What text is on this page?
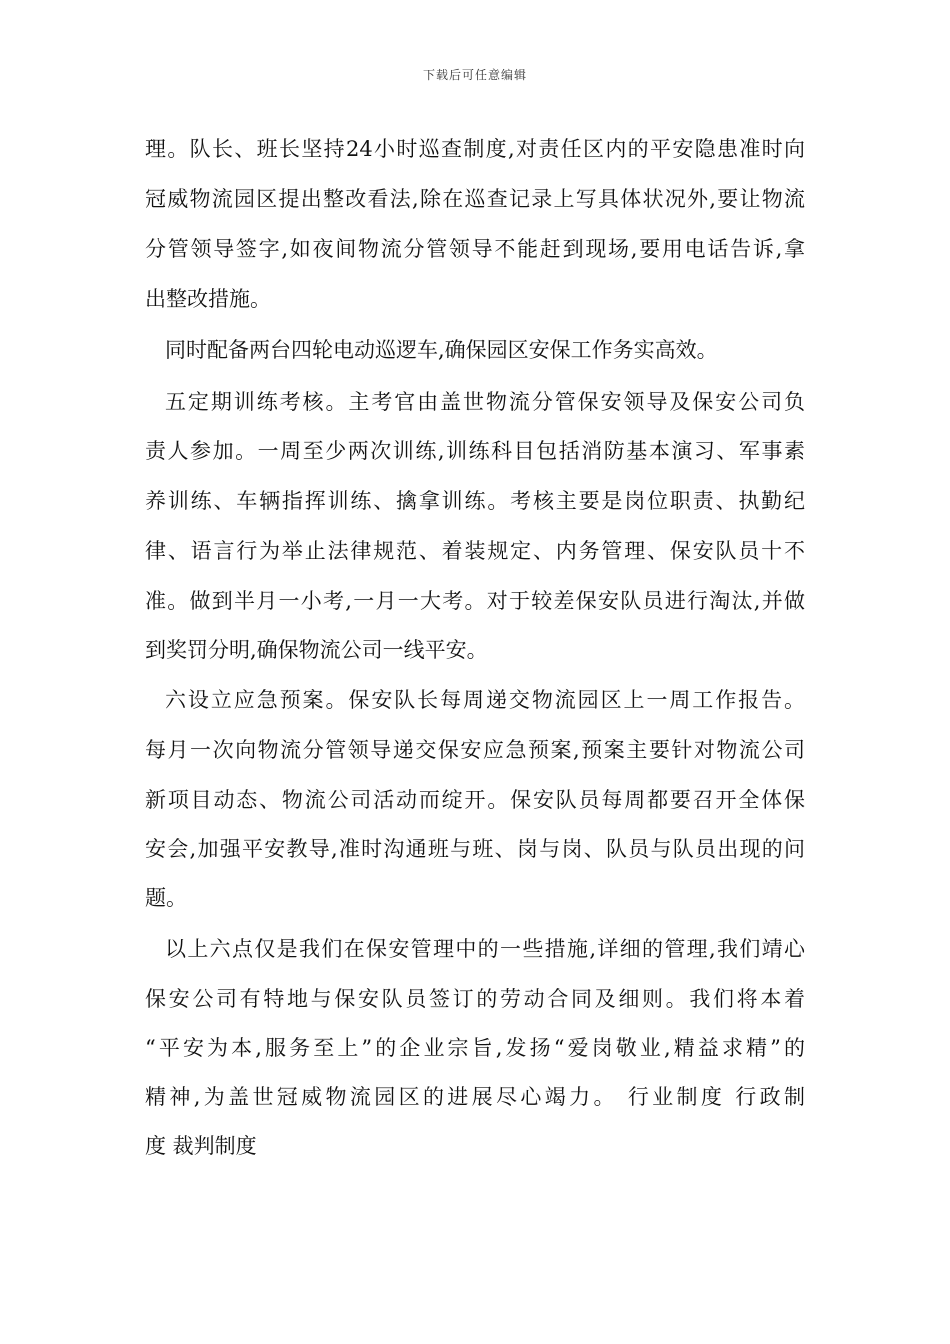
下载后可任意编辑
理。队长、班长坚持24小时巡查制度,对责任区内的平安隐患准时向
冠威物流园区提出整改看法,除在巡查记录上写具体状况外,要让物流
分管领导签字,如夜间物流分管领导不能赶到现场,要用电话告诉,拿
出整改措施。
同时配备两台四轮电动巡逻车,确保园区安保工作务实高效。
五定期训练考核。主考官由盖世物流分管保安领导及保安公司负
责人参加。一周至少两次训练,训练科目包括消防基本演习、军事素
养训练、车辆指挥训练、擒拿训练。考核主要是岗位职责、执勤纪
律、语言行为举止法律规范、着装规定、内务管理、保安队员十不
准。做到半月一小考,一月一大考。对于较差保安队员进行淘汰,并做
到奖罚分明,确保物流公司一线平安。
六设立应急预案。保安队长每周递交物流园区上一周工作报告。
每月一次向物流分管领导递交保安应急预案,预案主要针对物流公司
新项目动态、物流公司活动而绽开。保安队员每周都要召开全体保
安会,加强平安教导,准时沟通班与班、岗与岗、队员与队员出现的问
题。
以上六点仅是我们在保安管理中的一些措施,详细的管理,我们靖心
保安公司有特地与保安队员签订的劳动合同及细则。我们将本着
“平安为本,服务至上”的企业宗旨,发扬“爱岗敬业,精益求精”的
精神,为盖世冠威物流园区的进展尽心竭力。 行业制度 行政制
度 裁判制度
